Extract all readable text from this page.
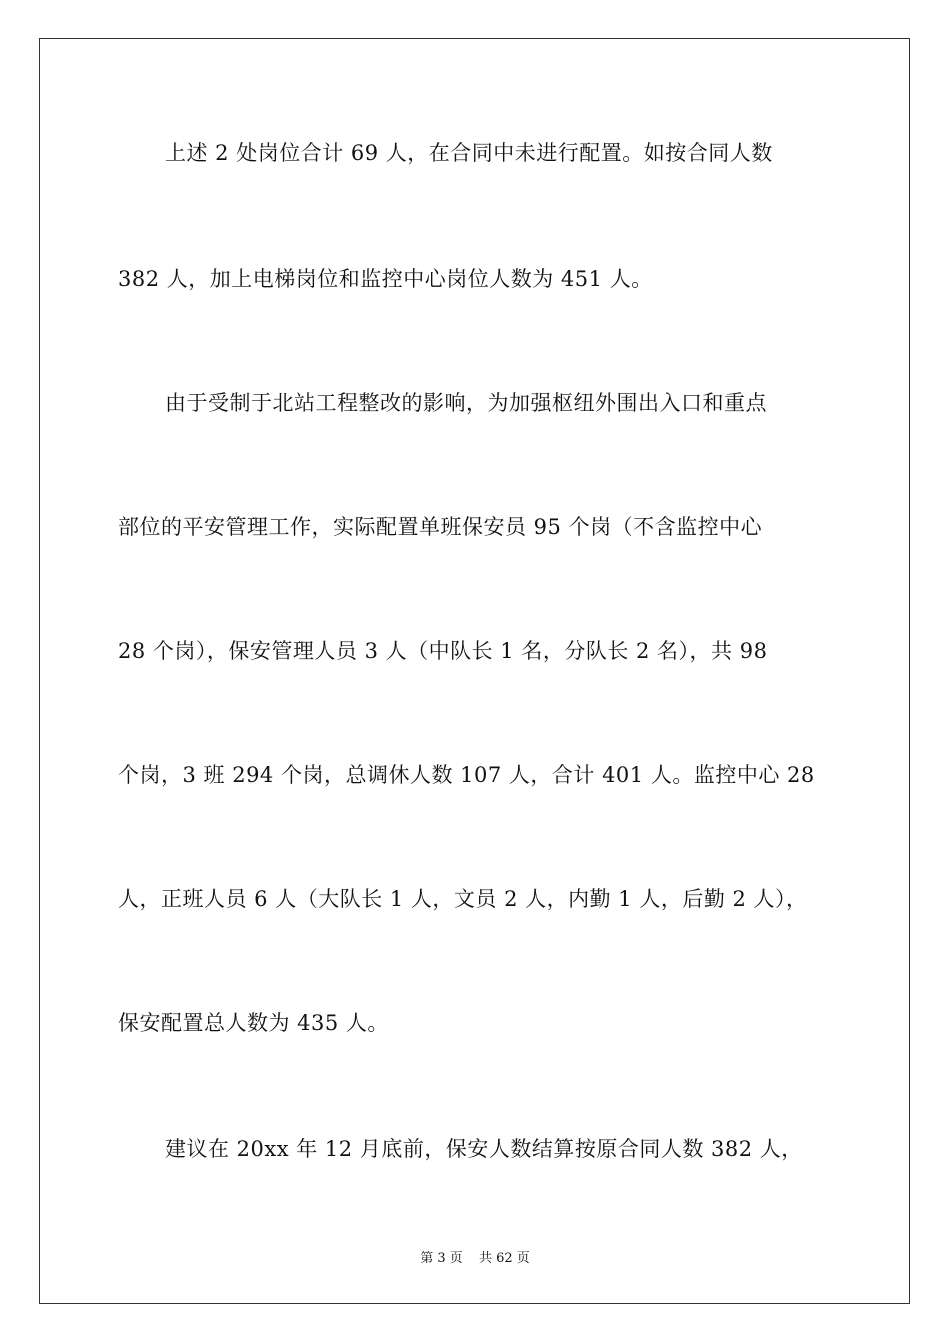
上述 2 处岗位合计 69 人，在合同中未进行配置。如按合同人数
382 人，加上电梯岗位和监控中心岗位人数为 451 人。
由于受制于北站工程整改的影响，为加强枢纽外围出入口和重点
部位的平安管理工作，实际配置单班保安员 95 个岗（不含监控中心
28 个岗），保安管理人员 3 人（中队长 1 名，分队长 2 名），共 98
个岗，3 班 294 个岗，总调休人数 107 人，合计 401 人。监控中心 28
人，正班人员 6 人（大队长 1 人，文员 2 人，内勤 1 人，后勤 2 人），
保安配置总人数为 435 人。
建议在 20xx 年 12 月底前，保安人数结算按原合同人数 382 人，
第 3 页 共 62 页
